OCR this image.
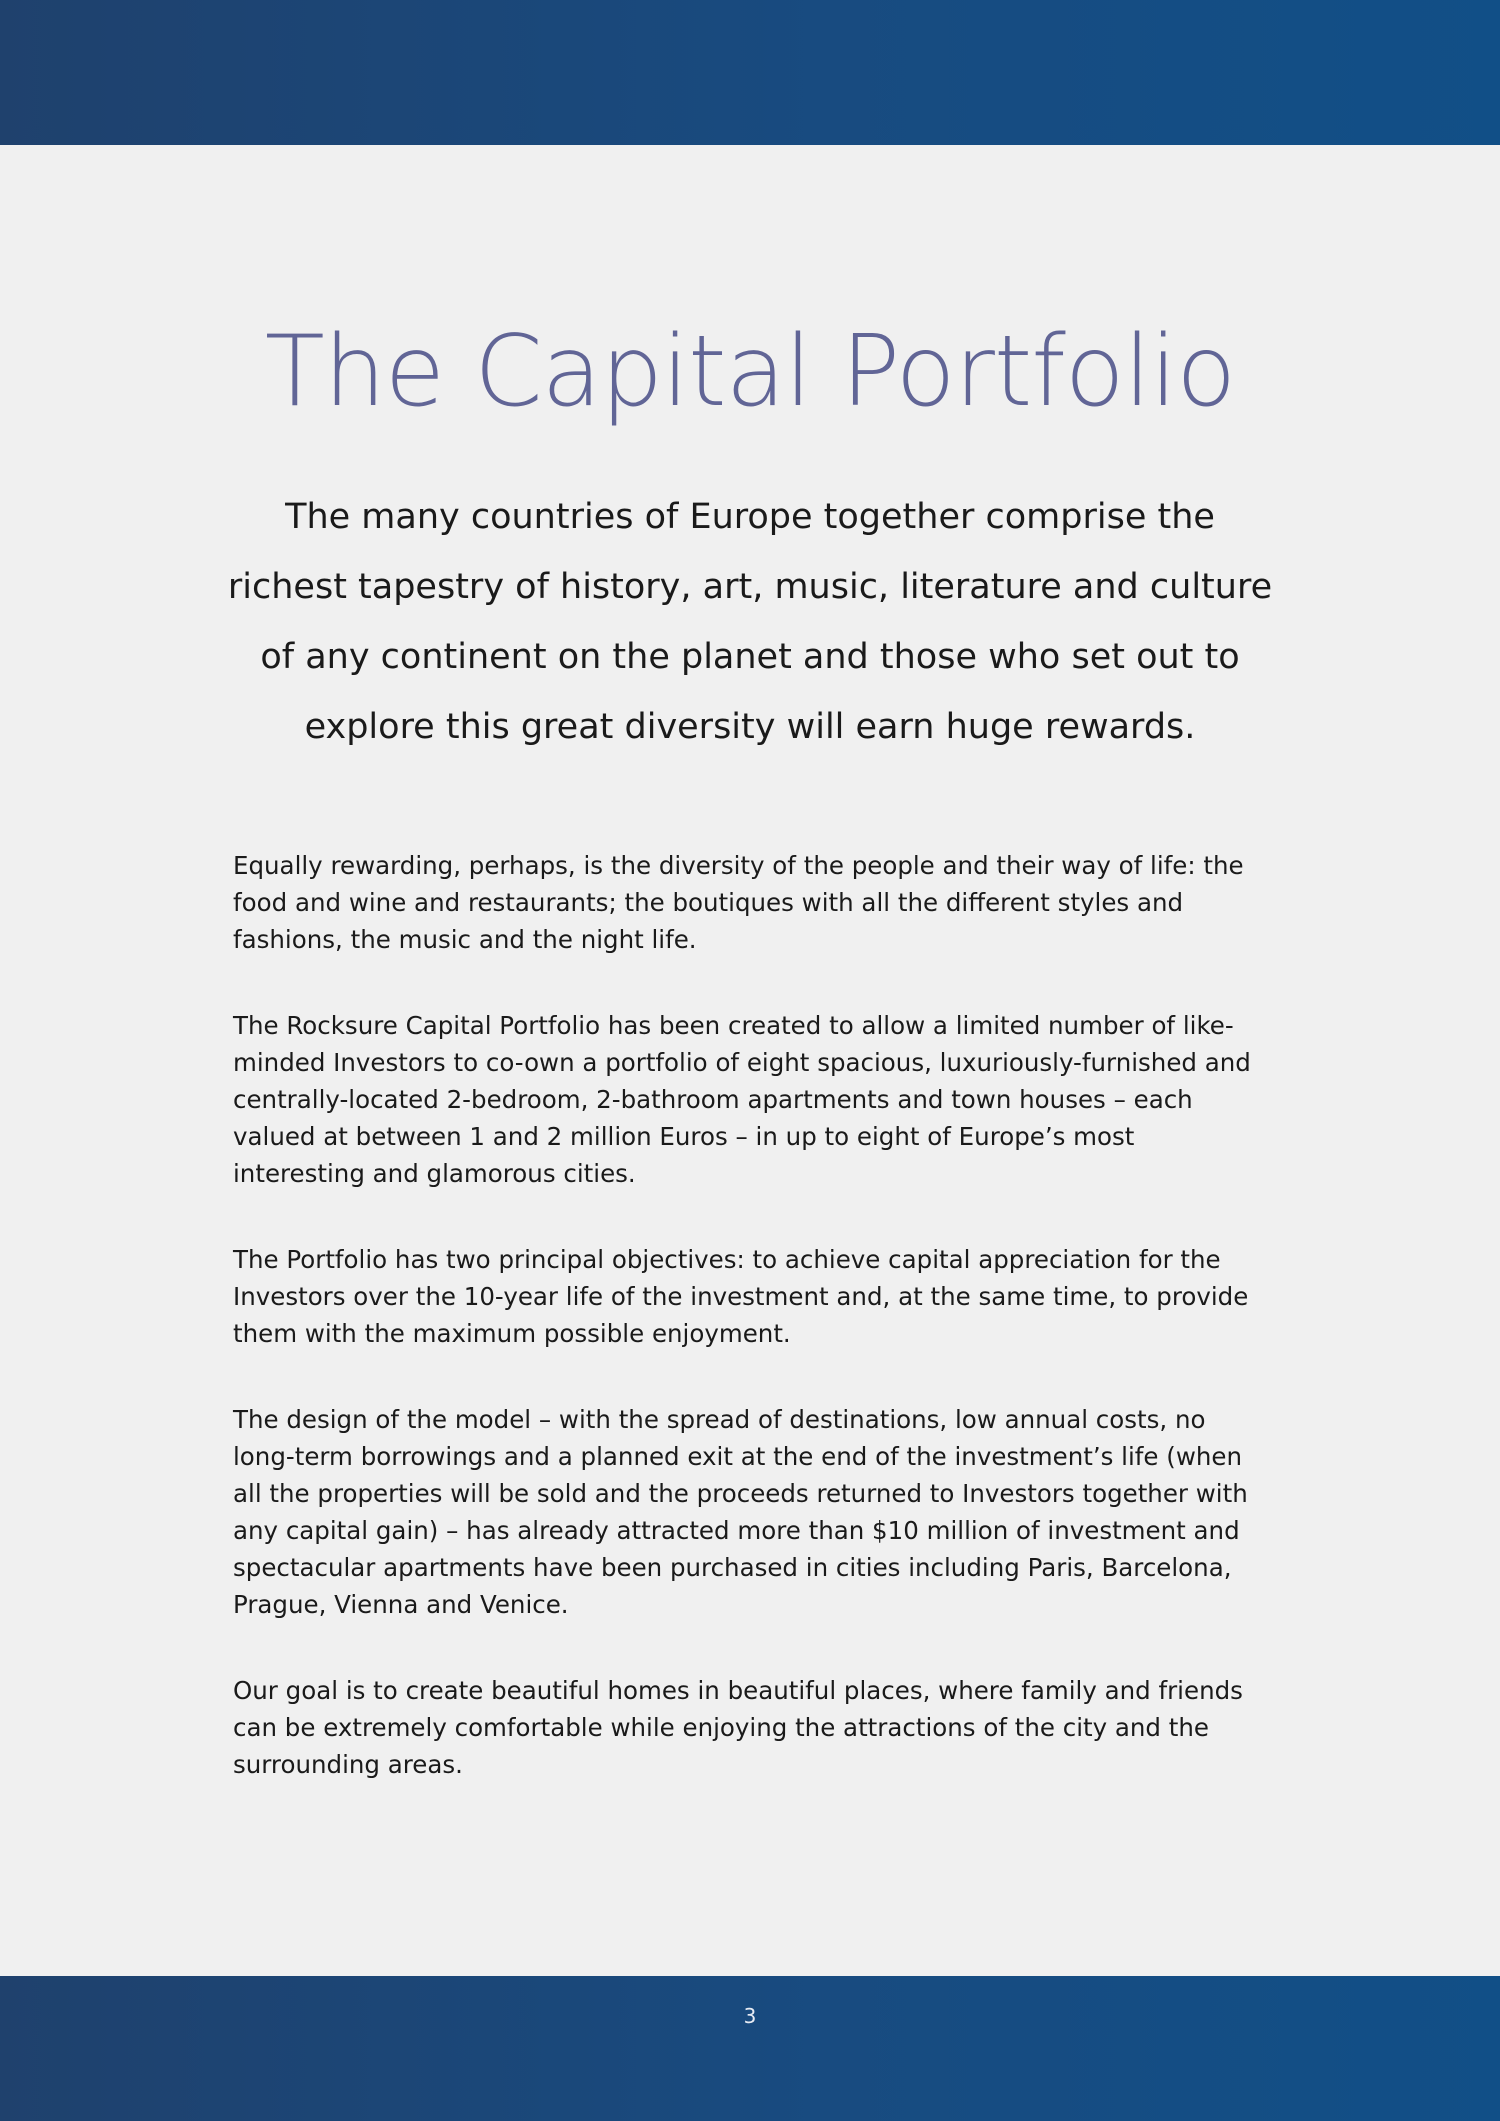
The Capital Portfolio

The many countries of Europe together comprise the richest tapestry of history, art, music, literature and culture of any continent on the planet and those who set out to explore this great diversity will earn huge rewards.

Equally rewarding, perhaps, is the diversity of the people and their way of life: the food and wine and restaurants; the boutiques with all the different styles and fashions, the music and the night life.

The Rocksure Capital Portfolio has been created to allow a limited number of like-minded Investors to co-own a portfolio of eight spacious, luxuriously-furnished and centrally-located 2-bedroom, 2-bathroom apartments and town houses – each valued at between 1 and 2 million Euros – in up to eight of Europe’s most interesting and glamorous cities.

The Portfolio has two principal objectives: to achieve capital appreciation for the Investors over the 10-year life of the investment and, at the same time, to provide them with the maximum possible enjoyment.

The design of the model – with the spread of destinations, low annual costs, no long-term borrowings and a planned exit at the end of the investment’s life (when all the properties will be sold and the proceeds returned to Investors together with any capital gain) – has already attracted more than $10 million of investment and spectacular apartments have been purchased in cities including Paris, Barcelona, Prague, Vienna and Venice.

Our goal is to create beautiful homes in beautiful places, where family and friends can be extremely comfortable while enjoying the attractions of the city and the surrounding areas.

3
